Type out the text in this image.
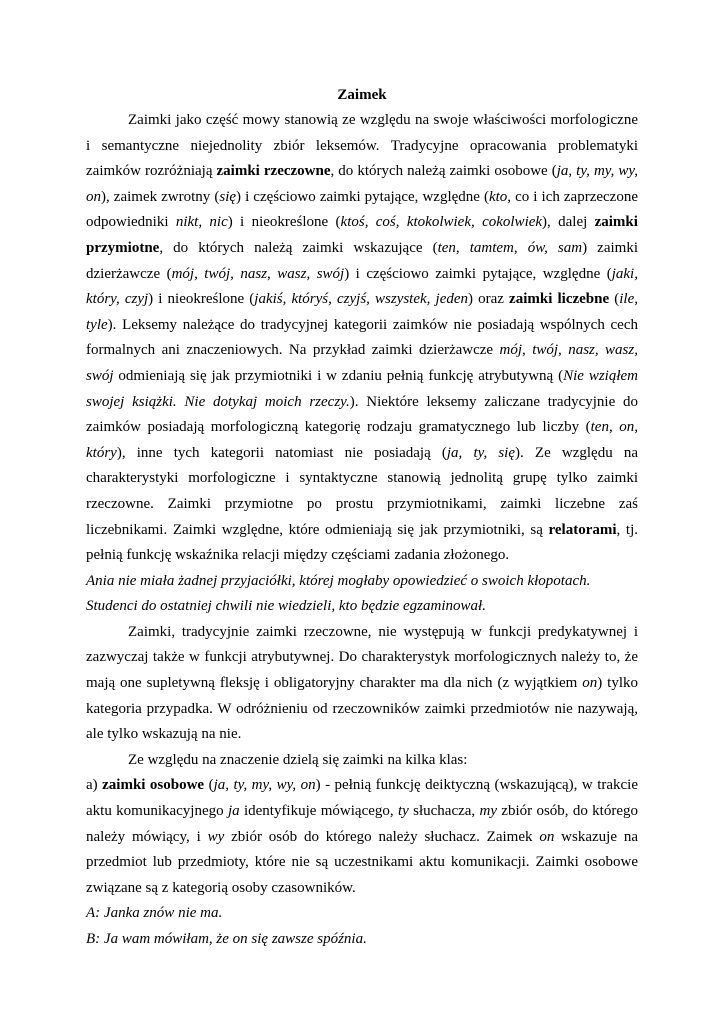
Zaimek

Zaimki jako część mowy stanowią ze względu na swoje właściwości morfologiczne i semantyczne niejednolity zbiór leksemów. Tradycyjne opracowania problematyki zaimków rozróżniają zaimki rzeczowne, do których należą zaimki osobowe (ja, ty, my, wy, on), zaimek zwrotny (się) i częściowo zaimki pytające, względne (kto, co i ich zaprzeczone odpowiedniki nikt, nic) i nieokreślone (ktoś, coś, ktokolwiek, cokolwiek), dalej zaimki przymiotne, do których należą zaimki wskazujące (ten, tamtem, ów, sam) zaimki dzierżawcze (mój, twój, nasz, wasz, swój) i częściowo zaimki pytające, względne (jaki, który, czyj) i nieokreślone (jakiś, któryś, czyjś, wszystek, jeden) oraz zaimki liczebne (ile, tyle). Leksemy należące do tradycyjnej kategorii zaimków nie posiadają wspólnych cech formalnych ani znaczeniowych. Na przykład zaimki dzierżawcze mój, twój, nasz, wasz, swój odmieniają się jak przymiotniki i w zdaniu pełnią funkcję atrybutywną (Nie wziąłem swojej książki. Nie dotykaj moich rzeczy.). Niektóre leksemy zaliczane tradycyjnie do zaimków posiadają morfologiczną kategorię rodzaju gramatycznego lub liczby (ten, on, który), inne tych kategorii natomiast nie posiadają (ja, ty, się). Ze względu na charakterystyki morfologiczne i syntaktyczne stanowią jednolitą grupę tylko zaimki rzeczowne. Zaimki przymiotne po prostu przymiotnikami, zaimki liczebne zaś liczebnikami. Zaimki względne, które odmieniają się jak przymiotniki, są relatorami, tj. pełnią funkcję wskaźnika relacji między częściami zadania złożonego.

Ania nie miała żadnej przyjaciółki, której mogłaby opowiedzieć o swoich kłopotach.

Studenci do ostatniej chwili nie wiedzieli, kto będzie egzaminował.

Zaimki, tradycyjnie zaimki rzeczowne, nie występują w funkcji predykatywnej i zazwyczaj także w funkcji atrybutywnej. Do charakterystyk morfologicznych należy to, że mają one supletywną fleksję i obligatoryjny charakter ma dla nich (z wyjątkiem on) tylko kategoria przypadka. W odróżnieniu od rzeczowników zaimki przedmiotów nie nazywają, ale tylko wskazują na nie.

Ze względu na znaczenie dzielą się zaimki na kilka klas:

a) zaimki osobowe (ja, ty, my, wy, on) - pełnią funkcję deiktyczną (wskazującą), w trakcie aktu komunikacyjnego ja identyfikuje mówiącego, ty słuchacza, my zbiór osób, do którego należy mówiący, i wy zbiór osób do którego należy słuchacz. Zaimek on wskazuje na przedmiot lub przedmioty, które nie są uczestnikami aktu komunikacji. Zaimki osobowe związane są z kategorią osoby czasowników.

A: Janka znów nie ma.

B: Ja wam mówiłam, że on się zawsze spóźnia.
